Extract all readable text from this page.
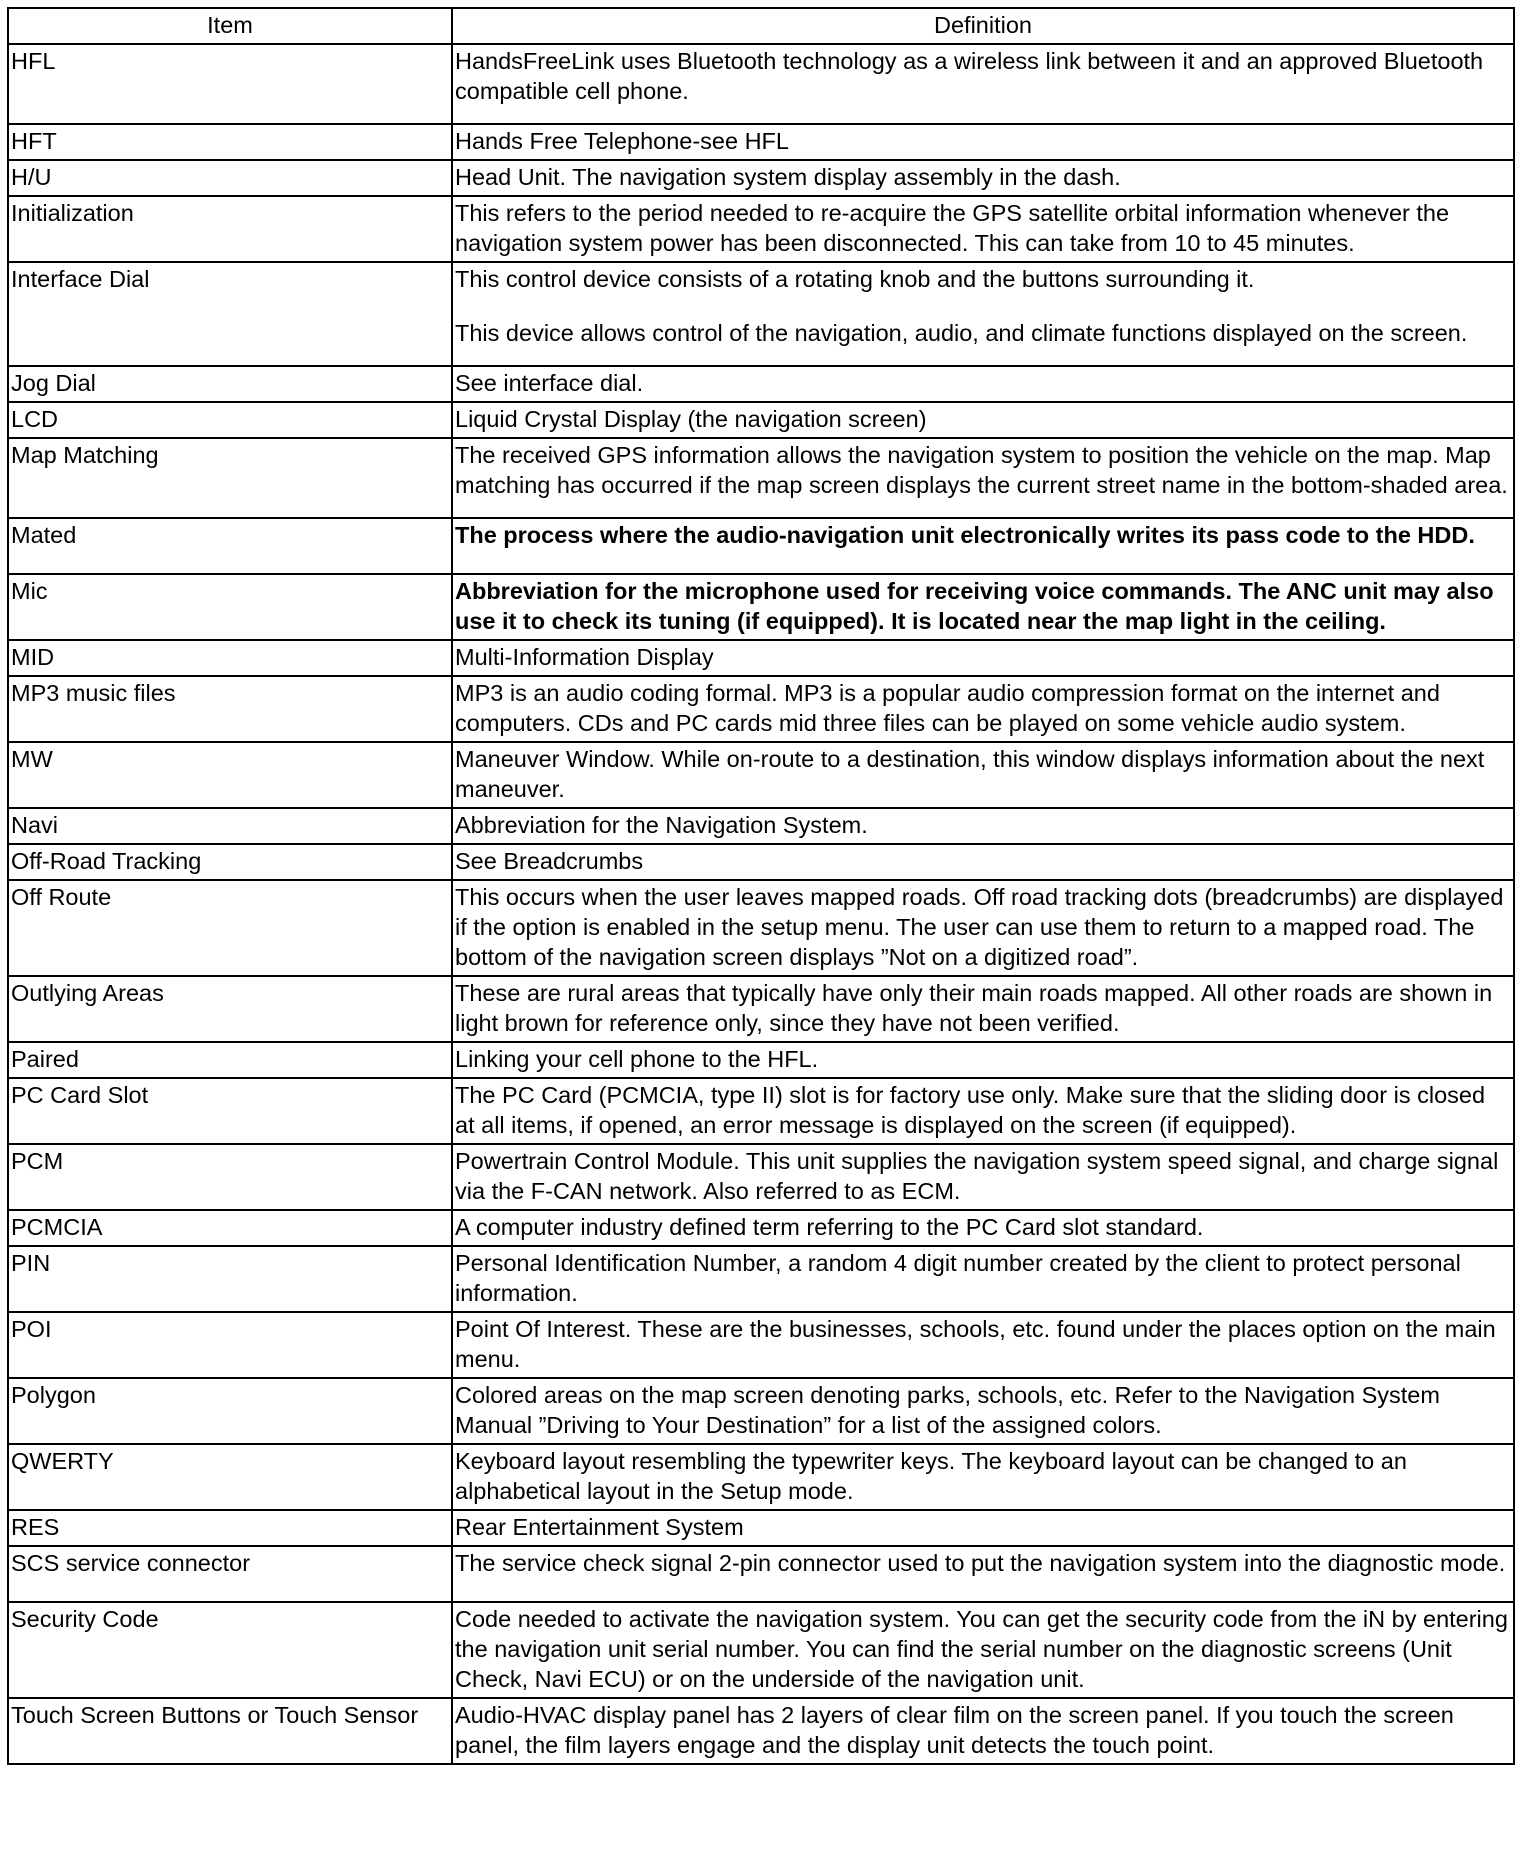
Item	Definition
HFL	HandsFreeLink uses Bluetooth technology as a wireless link between it and an approved Bluetooth compatible cell phone.

HFT	Hands Free Telephone-see HFL

H/U	Head Unit. The navigation system display assembly in the dash.

Initialization	This refers to the period needed to re-acquire the GPS satellite orbital information whenever the navigation system power has been disconnected. This can take from 10 to 45 minutes.

Interface Dial	This control device consists of a rotating knob and the buttons surrounding it.
This device allows control of the navigation, audio, and climate functions displayed on the screen.

Jog Dial	See interface dial.

LCD	Liquid Crystal Display (the navigation screen)

Map Matching	The received GPS information allows the navigation system to position the vehicle on the map. Map matching has occurred if the map screen displays the current street name in the bottom-shaded area.

Mated	The process where the audio-navigation unit electronically writes its pass code to the HDD.

Mic	Abbreviation for the microphone used for receiving voice commands. The ANC unit may also use it to check its tuning (if equipped). It is located near the map light in the ceiling.

MID	Multi-Information Display

MP3 music files	MP3 is an audio coding formal. MP3 is a popular audio compression format on the internet and computers. CDs and PC cards mid three files can be played on some vehicle audio system.

MW	Maneuver Window. While on-route to a destination, this window displays information about the next maneuver.

Navi	Abbreviation for the Navigation System.

Off-Road Tracking	See Breadcrumbs

Off Route	This occurs when the user leaves mapped roads. Off road tracking dots (breadcrumbs) are displayed if the option is enabled in the setup menu. The user can use them to return to a mapped road. The bottom of the navigation screen displays ”Not on a digitized road”.

Outlying Areas	These are rural areas that typically have only their main roads mapped. All other roads are shown in light brown for reference only, since they have not been verified.

Paired	Linking your cell phone to the HFL.

PC Card Slot	The PC Card (PCMCIA, type II) slot is for factory use only. Make sure that the sliding door is closed at all items, if opened, an error message is displayed on the screen (if equipped).

PCM	Powertrain Control Module. This unit supplies the navigation system speed signal, and charge signal via the F-CAN network. Also referred to as ECM.

PCMCIA	A computer industry defined term referring to the PC Card slot standard.

PIN	Personal Identification Number, a random 4 digit number created by the client to protect personal information.

POI	Point Of Interest. These are the businesses, schools, etc. found under the places option on the main menu.

Polygon	Colored areas on the map screen denoting parks, schools, etc. Refer to the Navigation System Manual ”Driving to Your Destination” for a list of the assigned colors.

QWERTY	Keyboard layout resembling the typewriter keys. The keyboard layout can be changed to an alphabetical layout in the Setup mode.

RES	Rear Entertainment System

SCS service connector	The service check signal 2-pin connector used to put the navigation system into the diagnostic mode.

Security Code	Code needed to activate the navigation system. You can get the security code from the iN by entering the navigation unit serial number. You can find the serial number on the diagnostic screens (Unit Check, Navi ECU) or on the underside of the navigation unit.

Touch Screen Buttons or Touch Sensor	Audio-HVAC display panel has 2 layers of clear film on the screen panel. If you touch the screen panel, the film layers engage and the display unit detects the touch point.
